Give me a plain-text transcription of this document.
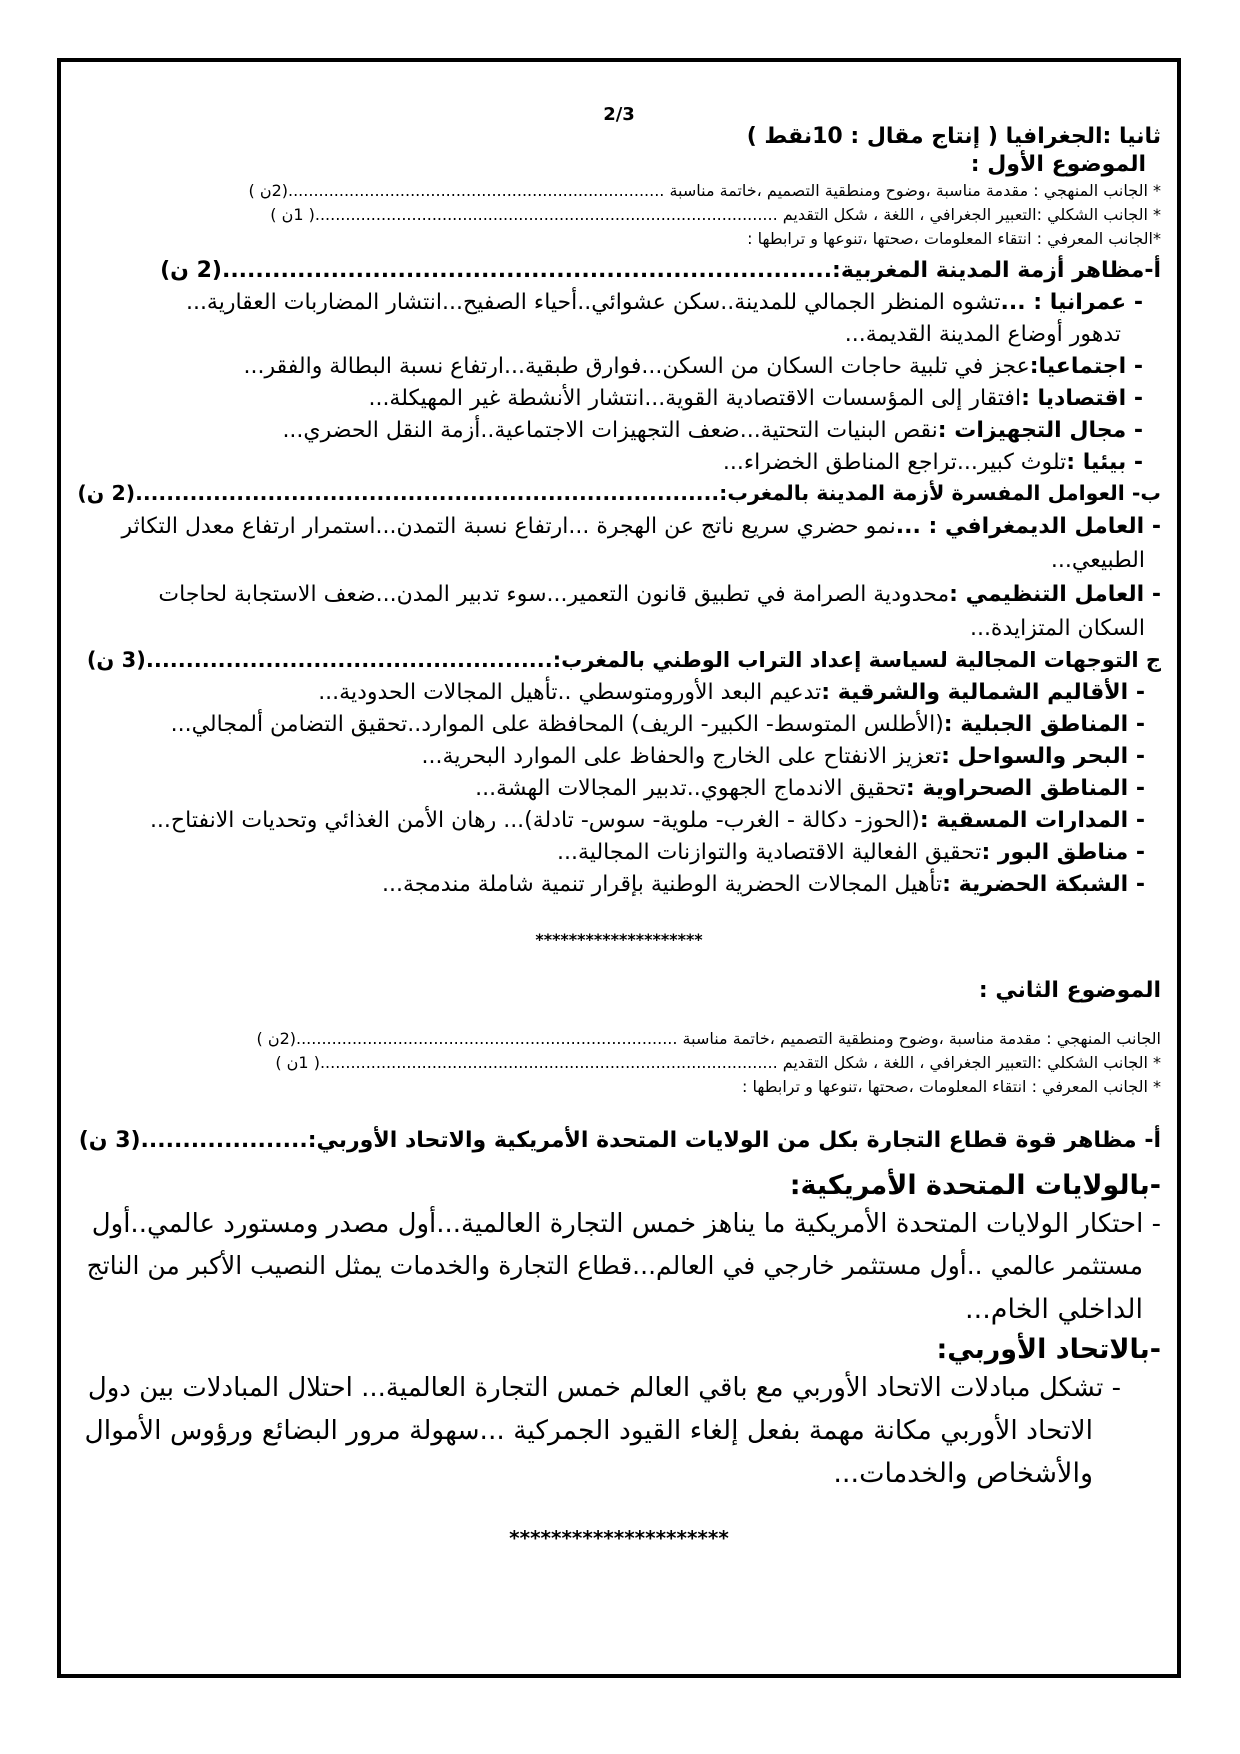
2/3
ثانيا :الجغرافيا ( إنتاج مقال : 10نقط )
الموضوع الأول :
* الجانب المنهجي : مقدمة مناسبة ،وضوح ومنطقية التصميم ،خاتمة مناسبة ..........................................................................(2ن )
* الجانب الشكلي :التعبير الجغرافي ، اللغة ، شكل التقديم ...........................................................................................( 1ن )
*الجانب المعرفي : انتقاء المعلومات ،صحتها ،تنوعها و ترابطها :
أ-مظاهر أزمة المدينة المغربية:.........................................................................(2 ن)
- عمرانيا : ...تشوه المنظر الجمالي للمدينة..سكن عشوائي..أحياء الصفيح...انتشار المضاربات العقارية...
تدهور أوضاع المدينة القديمة...
- اجتماعيا:عجز في تلبية حاجات السكان من السكن...فوارق طبقية...ارتفاع نسبة البطالة والفقر...
- اقتصاديا :افتقار إلى المؤسسات الاقتصادية القوية...انتشار الأنشطة غير المهيكلة...
- مجال التجهيزات :نقص البنيات التحتية...ضعف التجهيزات الاجتماعية..أزمة النقل الحضري...
- بيئيا :تلوث كبير...تراجع المناطق الخضراء...
ب- العوامل المفسرة لأزمة المدينة بالمغرب:...........................................................................(2 ن)
- العامل الديمغرافي : ...نمو حضري سريع ناتج عن الهجرة ...ارتفاع نسبة التمدن...استمرار ارتفاع معدل التكاثر
الطبيعي...
- العامل التنظيمي :محدودية الصرامة في تطبيق قانون التعمير...سوء تدبير المدن...ضعف الاستجابة لحاجات
السكان المتزايدة...
ج التوجهات المجالية لسياسة إعداد التراب الوطني بالمغرب:...................................................(3 ن)
- الأقاليم الشمالية والشرقية :تدعيم البعد الأورومتوسطي ..تأهيل المجالات الحدودية...
- المناطق الجبلية :(الأطلس المتوسط- الكبير- الريف) المحافظة على الموارد..تحقيق التضامن ألمجالي...
- البحر والسواحل :تعزيز الانفتاح على الخارج والحفاظ على الموارد البحرية...
- المناطق الصحراوية :تحقيق الاندماج الجهوي..تدبير المجالات الهشة...
- المدارات المسقية :(الحوز- دكالة - الغرب- ملوية- سوس- تادلة)... رهان الأمن الغذائي وتحديات الانفتاح...
- مناطق البور :تحقيق الفعالية الاقتصادية والتوازنات المجالية...
- الشبكة الحضرية :تأهيل المجالات الحضرية الوطنية بإقرار تنمية شاملة مندمجة...
********************
الموضوع الثاني :
الجانب المنهجي : مقدمة مناسبة ،وضوح ومنطقية التصميم ،خاتمة مناسبة ...........................................................................(2ن )
* الجانب الشكلي :التعبير الجغرافي ، اللغة ، شكل التقديم ..........................................................................................( 1ن )
* الجانب المعرفي : انتقاء المعلومات ،صحتها ،تنوعها و ترابطها :
أ- مظاهر قوة قطاع التجارة بكل من الولايات المتحدة الأمريكية والاتحاد الأوربي:....................(3 ن)
-بالولايات المتحدة الأمريكية:
- احتكار الولايات المتحدة الأمريكية ما يناهز خمس التجارة العالمية...أول مصدر ومستورد عالمي..أول
مستثمر عالمي ..أول مستثمر خارجي في العالم...قطاع التجارة والخدمات يمثل النصيب الأكبر من الناتج
الداخلي الخام...
-بالاتحاد الأوربي:
- تشكل مبادلات الاتحاد الأوربي مع باقي العالم خمس التجارة العالمية... احتلال المبادلات بين دول
الاتحاد الأوربي مكانة مهمة بفعل إلغاء القيود الجمركية ...سهولة مرور البضائع ورؤوس الأموال
والأشخاص والخدمات...
*********************
